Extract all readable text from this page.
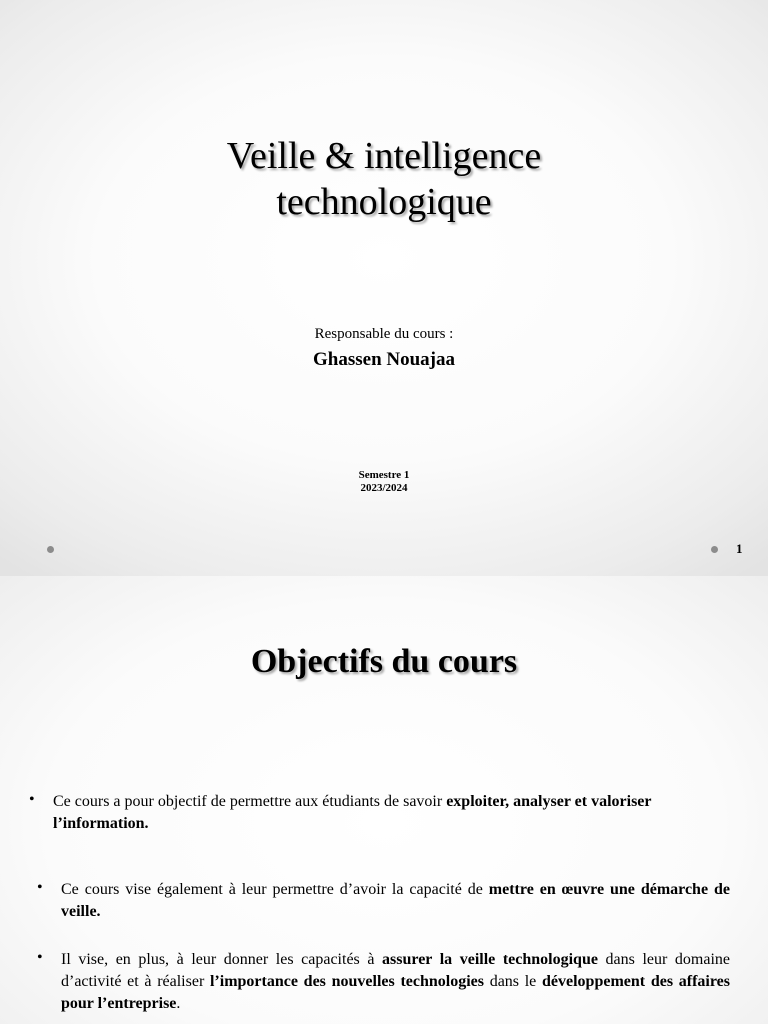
Veille & intelligence
technologique
Responsable du cours :
Ghassen Nouajaa
Semestre 1
2023/2024
1
Objectifs du cours
• Ce cours a pour objectif de permettre aux étudiants de savoir exploiter, analyser et valoriser l’information.
• Ce cours vise également à leur permettre d’avoir la capacité de mettre en œuvre une démarche de veille.
• Il vise, en plus, à leur donner les capacités à assurer la veille technologique dans leur domaine d’activité et à réaliser l’importance des nouvelles technologies dans le développement des affaires pour l’entreprise.
